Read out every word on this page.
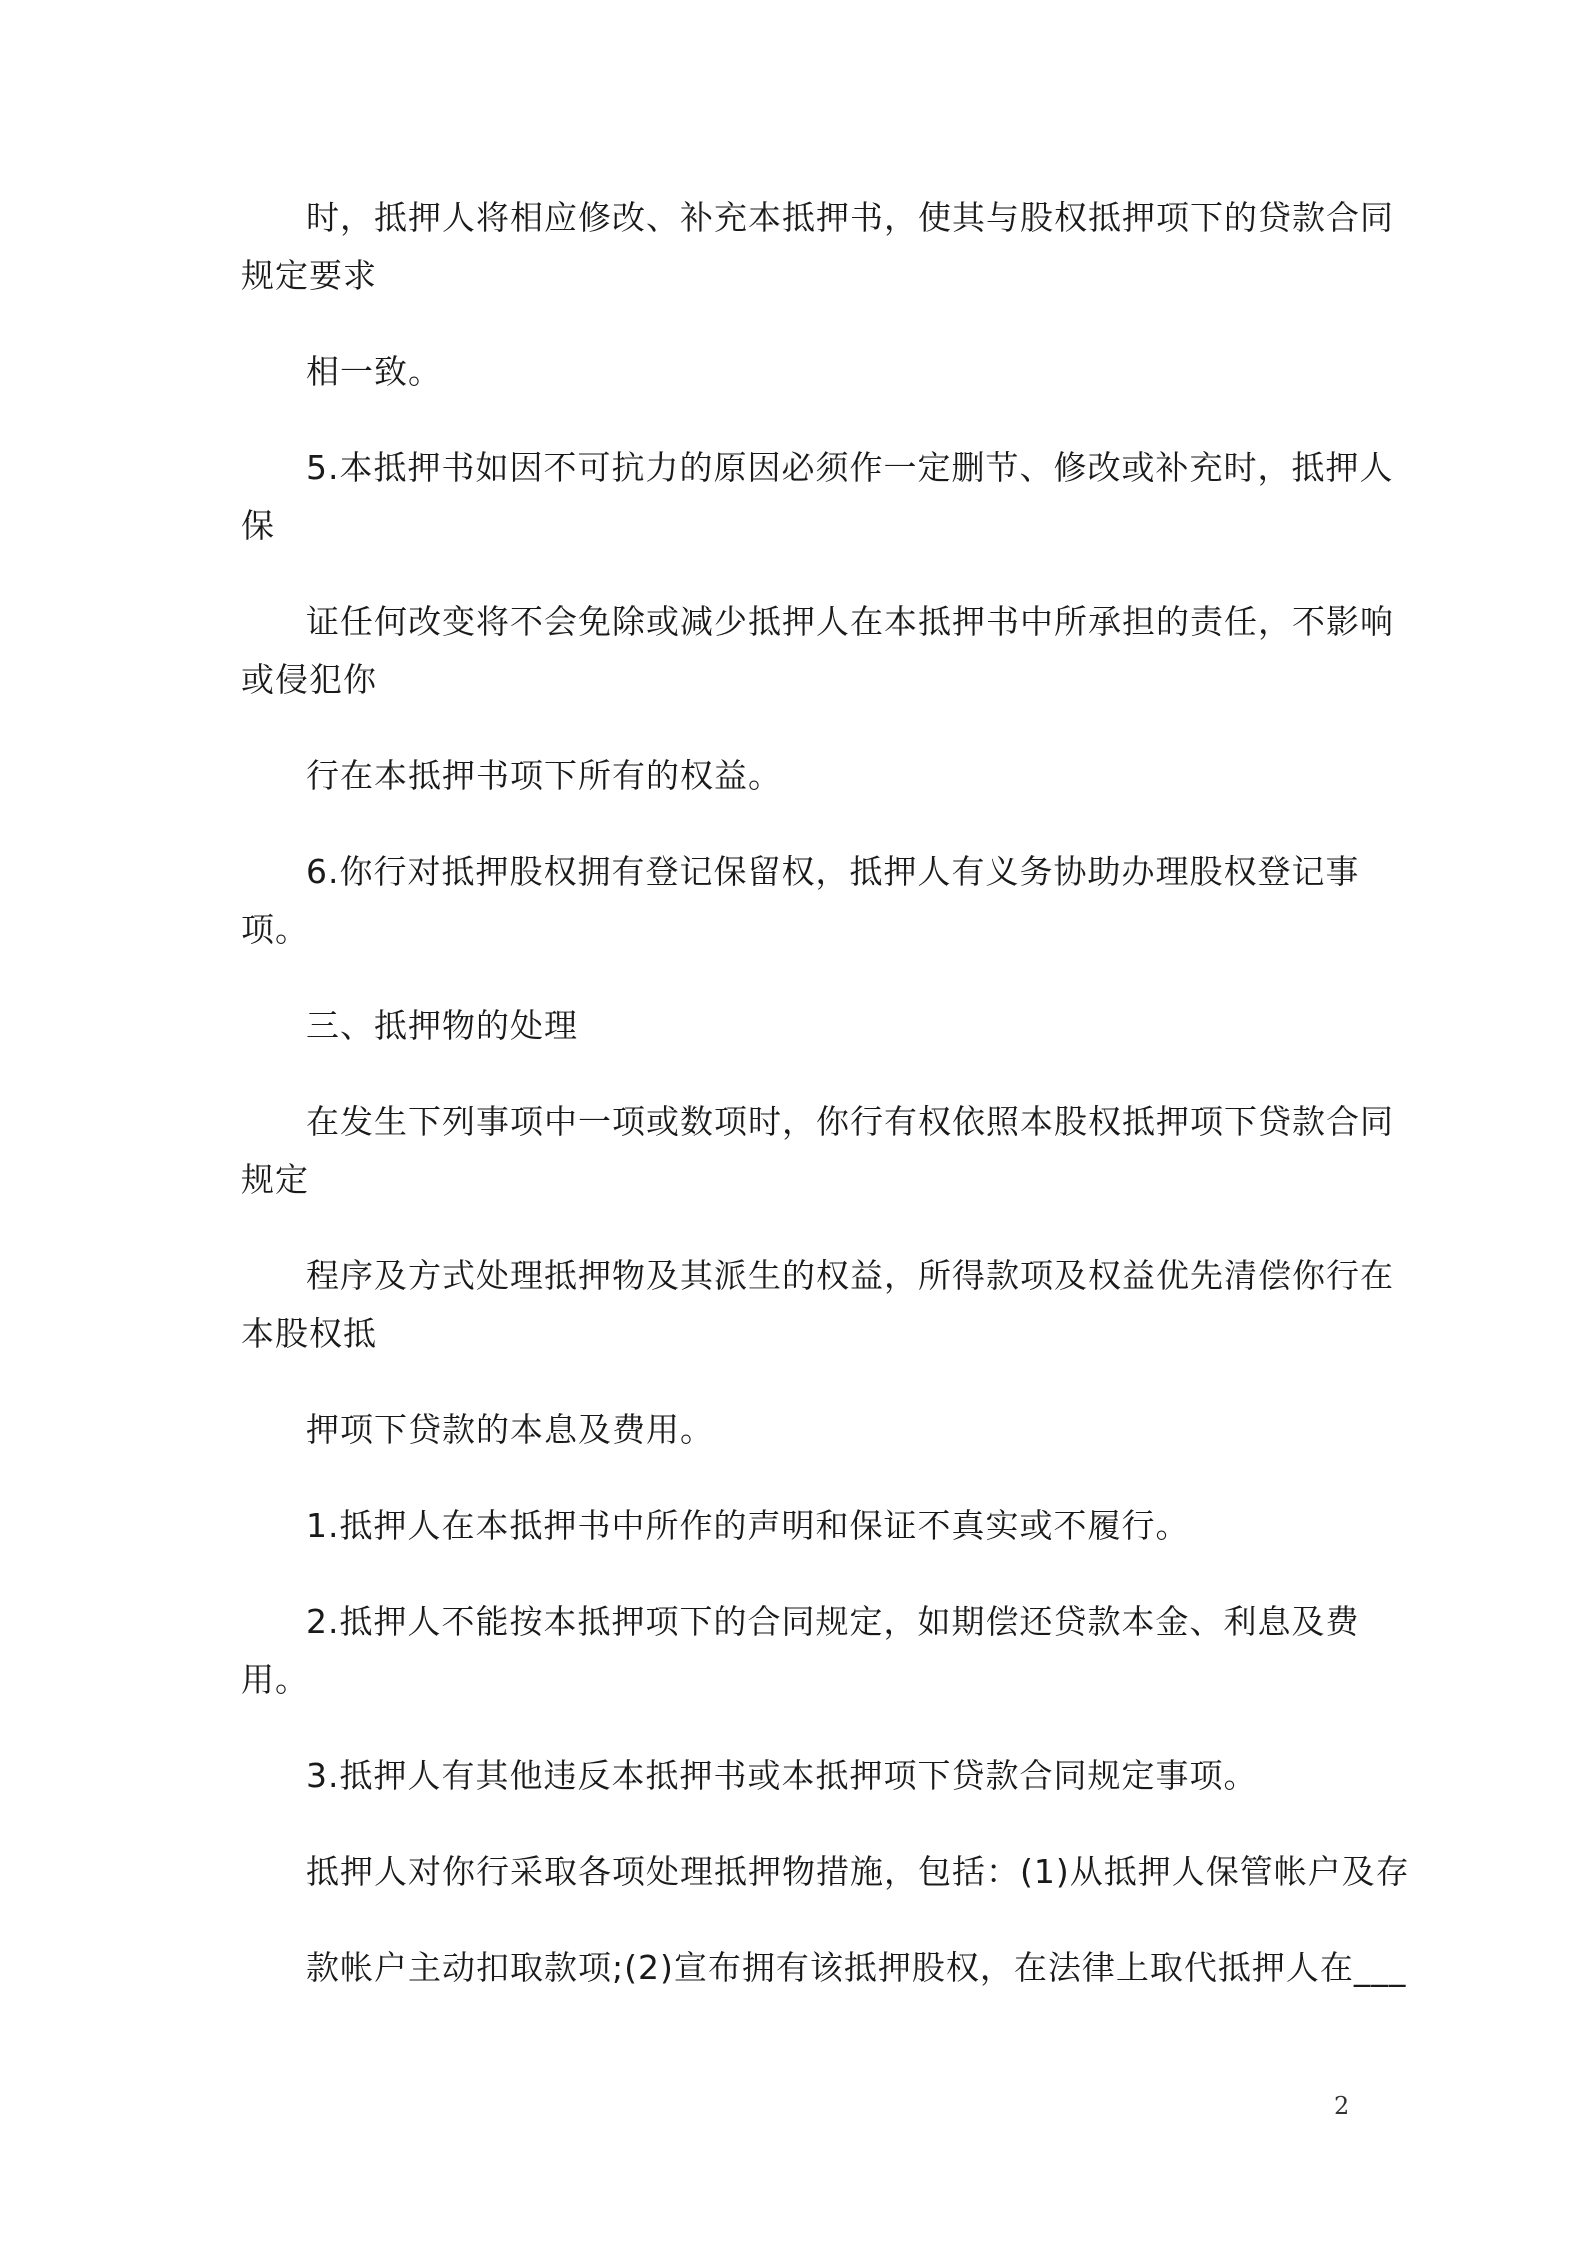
时，抵押人将相应修改、补充本抵押书，使其与股权抵押项下的贷款合同
规定要求
相一致。
5.本抵押书如因不可抗力的原因必须作一定删节、修改或补充时，抵押人
保
证任何改变将不会免除或减少抵押人在本抵押书中所承担的责任，不影响
或侵犯你
行在本抵押书项下所有的权益。
6.你行对抵押股权拥有登记保留权，抵押人有义务协助办理股权登记事
项。
三、抵押物的处理
在发生下列事项中一项或数项时，你行有权依照本股权抵押项下贷款合同
规定
程序及方式处理抵押物及其派生的权益，所得款项及权益优先清偿你行在
本股权抵
押项下贷款的本息及费用。
1.抵押人在本抵押书中所作的声明和保证不真实或不履行。
2.抵押人不能按本抵押项下的合同规定，如期偿还贷款本金、利息及费
用。
3.抵押人有其他违反本抵押书或本抵押项下贷款合同规定事项。
抵押人对你行采取各项处理抵押物措施，包括：(1)从抵押人保管帐户及存
款帐户主动扣取款项;(2)宣布拥有该抵押股权，在法律上取代抵押人在___
2
